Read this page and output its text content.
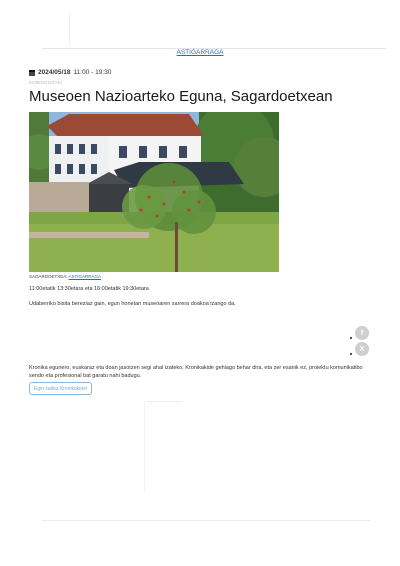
ASTIGARRAGA
2024/05/18 11:00 - 19:30
ZORINGOZAKI
Museoen Nazioarteko Eguna, Sagardoetxean
SAGARDOETXEA: ASTIGARRAGA

11:00etatik 13:30etara eta 16:00etatik 19:30etara

Udaberriko bisita bereziaz gain, egun honetan museoaren sarrera doakoa izango da.

f
X

Kronika egunero, euskaraz eta doan jasotzen segi ahal izateko, Kronikakide gehiago behar dira, eta zer esanik ez, proiektu komunikatibo sendo eta profesional bat garatu nahi badugu.

Egin zaitez Kronikakide!
